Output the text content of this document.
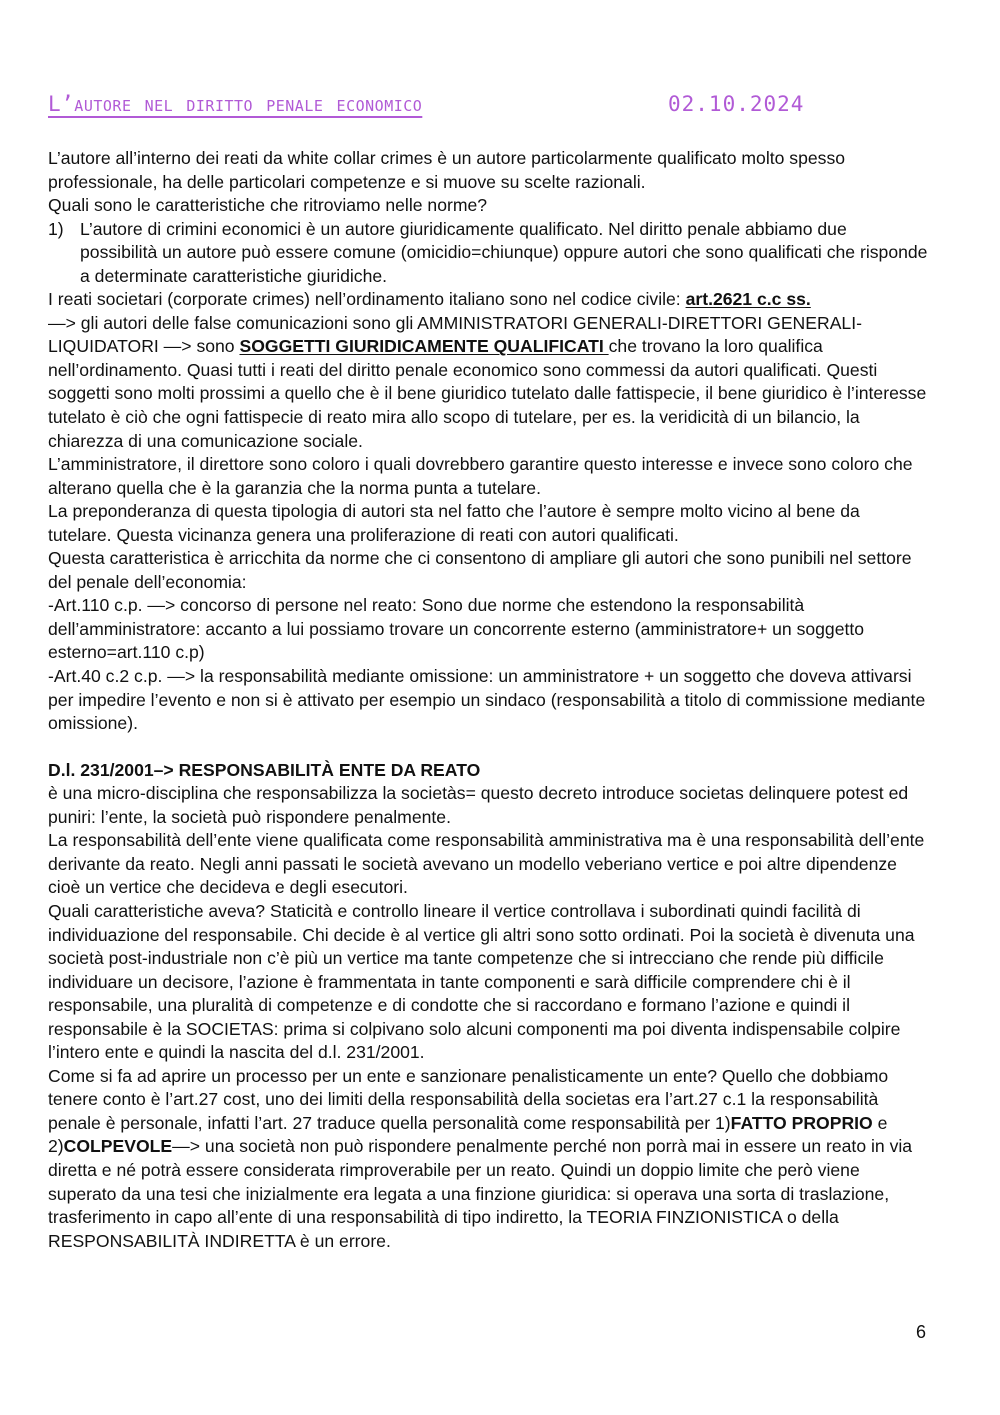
L’autore nel diritto penale economico	02.10.2024

L’autore all’interno dei reati da white collar crimes è un autore particolarmente qualificato molto spesso professionale, ha delle particolari competenze e si muove su scelte razionali.

Quali sono le caratteristiche che ritroviamo nelle norme?

1) L’autore di crimini economici è un autore giuridicamente qualificato. Nel diritto penale abbiamo due possibilità un autore può essere comune (omicidio=chiunque) oppure autori che sono qualificati che risponde a determinate caratteristiche giuridiche.

I reati societari (corporate crimes) nell’ordinamento italiano sono nel codice civile: art.2621 c.c ss.

—> gli autori delle false comunicazioni sono gli AMMINISTRATORI GENERALI-DIRETTORI GENERALI- LIQUIDATORI —> sono SOGGETTI GIURIDICAMENTE QUALIFICATI che trovano la loro qualifica nell’ordinamento. Quasi tutti i reati del diritto penale economico sono commessi da autori qualificati. Questi soggetti sono molti prossimi a quello che è il bene giuridico tutelato dalle fattispecie, il bene giuridico è l’interesse tutelato è ciò che ogni fattispecie di reato mira allo scopo di tutelare, per es. la veridicità di un bilancio, la chiarezza di una comunicazione sociale.

L’amministratore, il direttore sono coloro i quali dovrebbero garantire questo interesse e invece sono coloro che alterano quella che è la garanzia che la norma punta a tutelare.

La preponderanza di questa tipologia di autori sta nel fatto che l’autore è sempre molto vicino al bene da tutelare. Questa vicinanza genera una proliferazione di reati con autori qualificati.

Questa caratteristica è arricchita da norme che ci consentono di ampliare gli autori che sono punibili nel settore del penale dell’economia:

-Art.110 c.p. —> concorso di persone nel reato: Sono due norme che estendono la responsabilità dell’amministratore: accanto a lui possiamo trovare un concorrente esterno (amministratore+ un soggetto esterno=art.110 c.p)

-Art.40 c.2 c.p. —> la responsabilità mediante omissione: un amministratore + un soggetto che doveva attivarsi per impedire l’evento e non si è attivato per esempio un sindaco (responsabilità a titolo di commissione mediante omissione).

D.l. 231/2001–> RESPONSABILITÀ ENTE DA REATO

è una micro-disciplina che responsabilizza la societàs= questo decreto introduce societas delinquere potest ed puniri: l’ente, la società può rispondere penalmente.

La responsabilità dell’ente viene qualificata come responsabilità amministrativa ma è una responsabilità dell’ente derivante da reato. Negli anni passati le società avevano un modello veberiano vertice e poi altre dipendenze cioè un vertice che decideva e degli esecutori.

Quali caratteristiche aveva? Staticità e controllo lineare il vertice controllava i subordinati quindi facilità di individuazione del responsabile. Chi decide è al vertice gli altri sono sotto ordinati. Poi la società è divenuta una società post-industriale non c’è più un vertice ma tante competenze che si intrecciano che rende più difficile individuare un decisore, l’azione è frammentata in tante componenti e sarà difficile comprendere chi è il responsabile, una pluralità di competenze e di condotte che si raccordano e formano l’azione e quindi il responsabile è la SOCIETAS: prima si colpivano solo alcuni componenti ma poi diventa indispensabile colpire l’intero ente e quindi la nascita del d.l. 231/2001.

Come si fa ad aprire un processo per un ente e sanzionare penalisticamente un ente? Quello che dobbiamo tenere conto è l’art.27 cost, uno dei limiti della responsabilità della societas era l’art.27 c.1 la responsabilità penale è personale, infatti l’art. 27 traduce quella personalità come responsabilità per 1)FATTO PROPRIO e 2)COLPEVOLE—> una società non può rispondere penalmente perché non porrà mai in essere un reato in via diretta e né potrà essere considerata rimproverabile per un reato. Quindi un doppio limite che però viene superato da una tesi che inizialmente era legata a una finzione giuridica: si operava una sorta di traslazione, trasferimento in capo all’ente di una responsabilità di tipo indiretto, la TEORIA FINZIONISTICA o della RESPONSABILITÀ INDIRETTA è un errore.

6
